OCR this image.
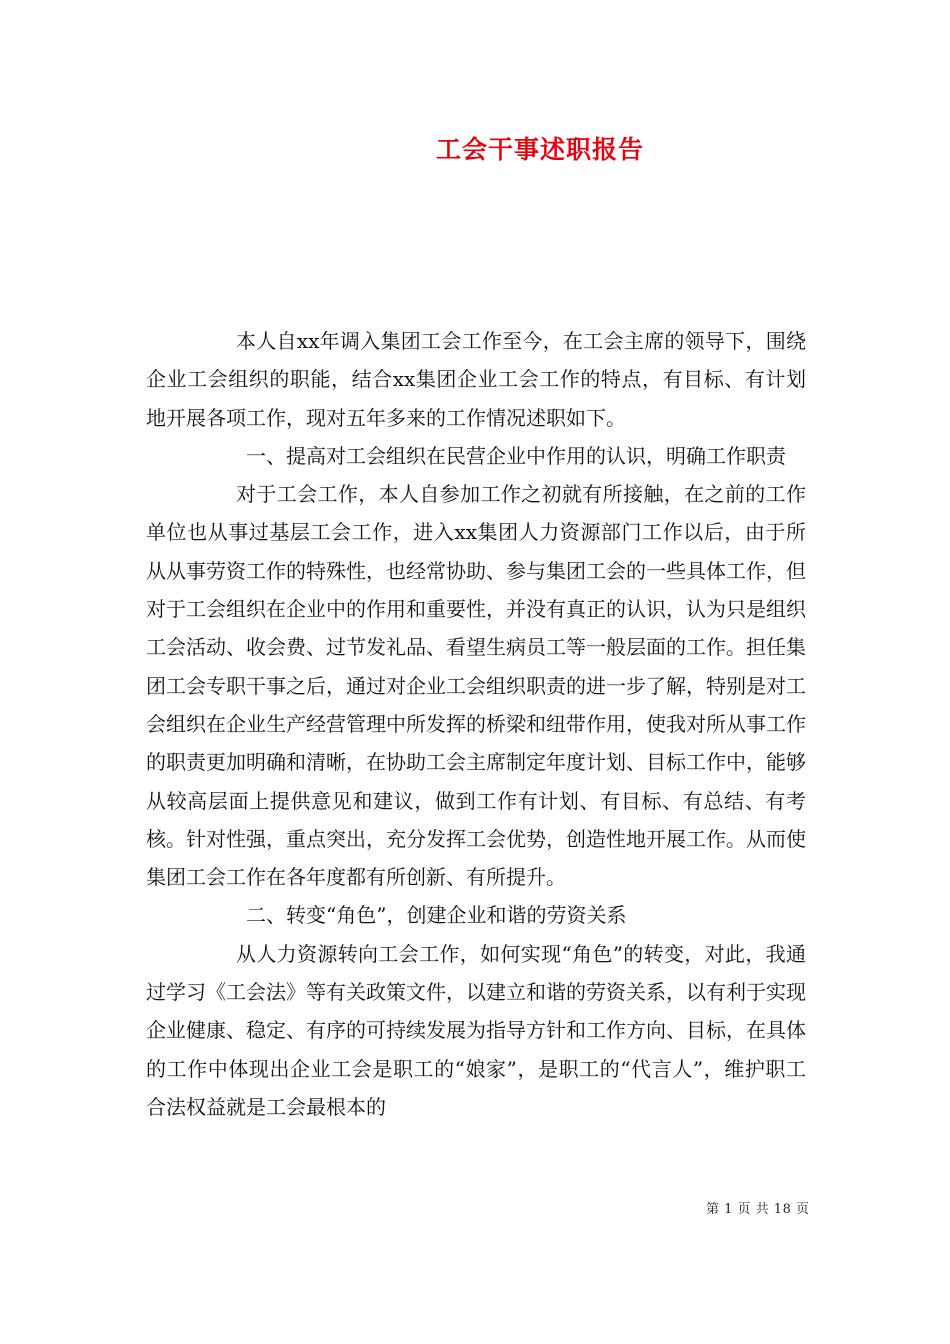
工会干事述职报告

本人自xx年调入集团工会工作至今，在工会主席的领导下，围绕企业工会组织的职能，结合xx集团企业工会工作的特点，有目标、有计划地开展各项工作，现对五年多来的工作情况述职如下。

一、提高对工会组织在民营企业中作用的认识，明确工作职责

对于工会工作，本人自参加工作之初就有所接触，在之前的工作单位也从事过基层工会工作，进入xx集团人力资源部门工作以后，由于所从从事劳资工作的特殊性，也经常协助、参与集团工会的一些具体工作，但对于工会组织在企业中的作用和重要性，并没有真正的认识，认为只是组织工会活动、收会费、过节发礼品、看望生病员工等一般层面的工作。担任集团工会专职干事之后，通过对企业工会组织职责的进一步了解，特别是对工会组织在企业生产经营管理中所发挥的桥梁和纽带作用，使我对所从事工作的职责更加明确和清晰，在协助工会主席制定年度计划、目标工作中，能够从较高层面上提供意见和建议，做到工作有计划、有目标、有总结、有考核。针对性强，重点突出，充分发挥工会优势，创造性地开展工作。从而使集团工会工作在各年度都有所创新、有所提升。

二、转变“角色”，创建企业和谐的劳资关系

从人力资源转向工会工作，如何实现“角色”的转变，对此，我通过学习《工会法》等有关政策文件，以建立和谐的劳资关系，以有利于实现企业健康、稳定、有序的可持续发展为指导方针和工作方向、目标，在具体的工作中体现出企业工会是职工的“娘家”，是职工的“代言人”，维护职工合法权益就是工会最根本的

第 1 页 共 18 页
